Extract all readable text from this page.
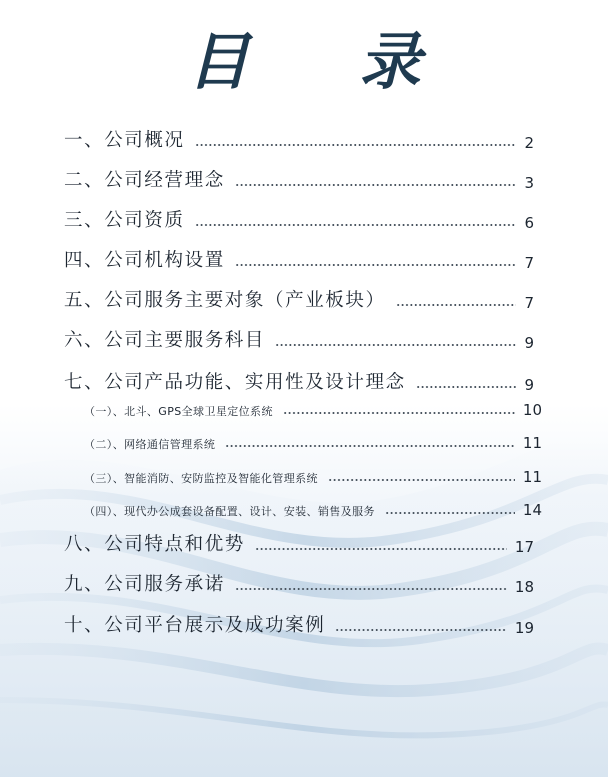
目 录
一、公司概况	2
二、公司经营理念	3
三、公司资质	6
四、公司机构设置	7
五、公司服务主要对象（产业板块）	7
六、公司主要服务科目	9
七、公司产品功能、实用性及设计理念	9
（一）、北斗、GPS全球卫星定位系统	10
（二）、网络通信管理系统	11
（三）、智能消防、安防监控及智能化管理系统	11
（四）、现代办公成套设备配置、设计、安装、销售及服务	14
八、公司特点和优势	17
九、公司服务承诺	18
十、公司平台展示及成功案例	19
